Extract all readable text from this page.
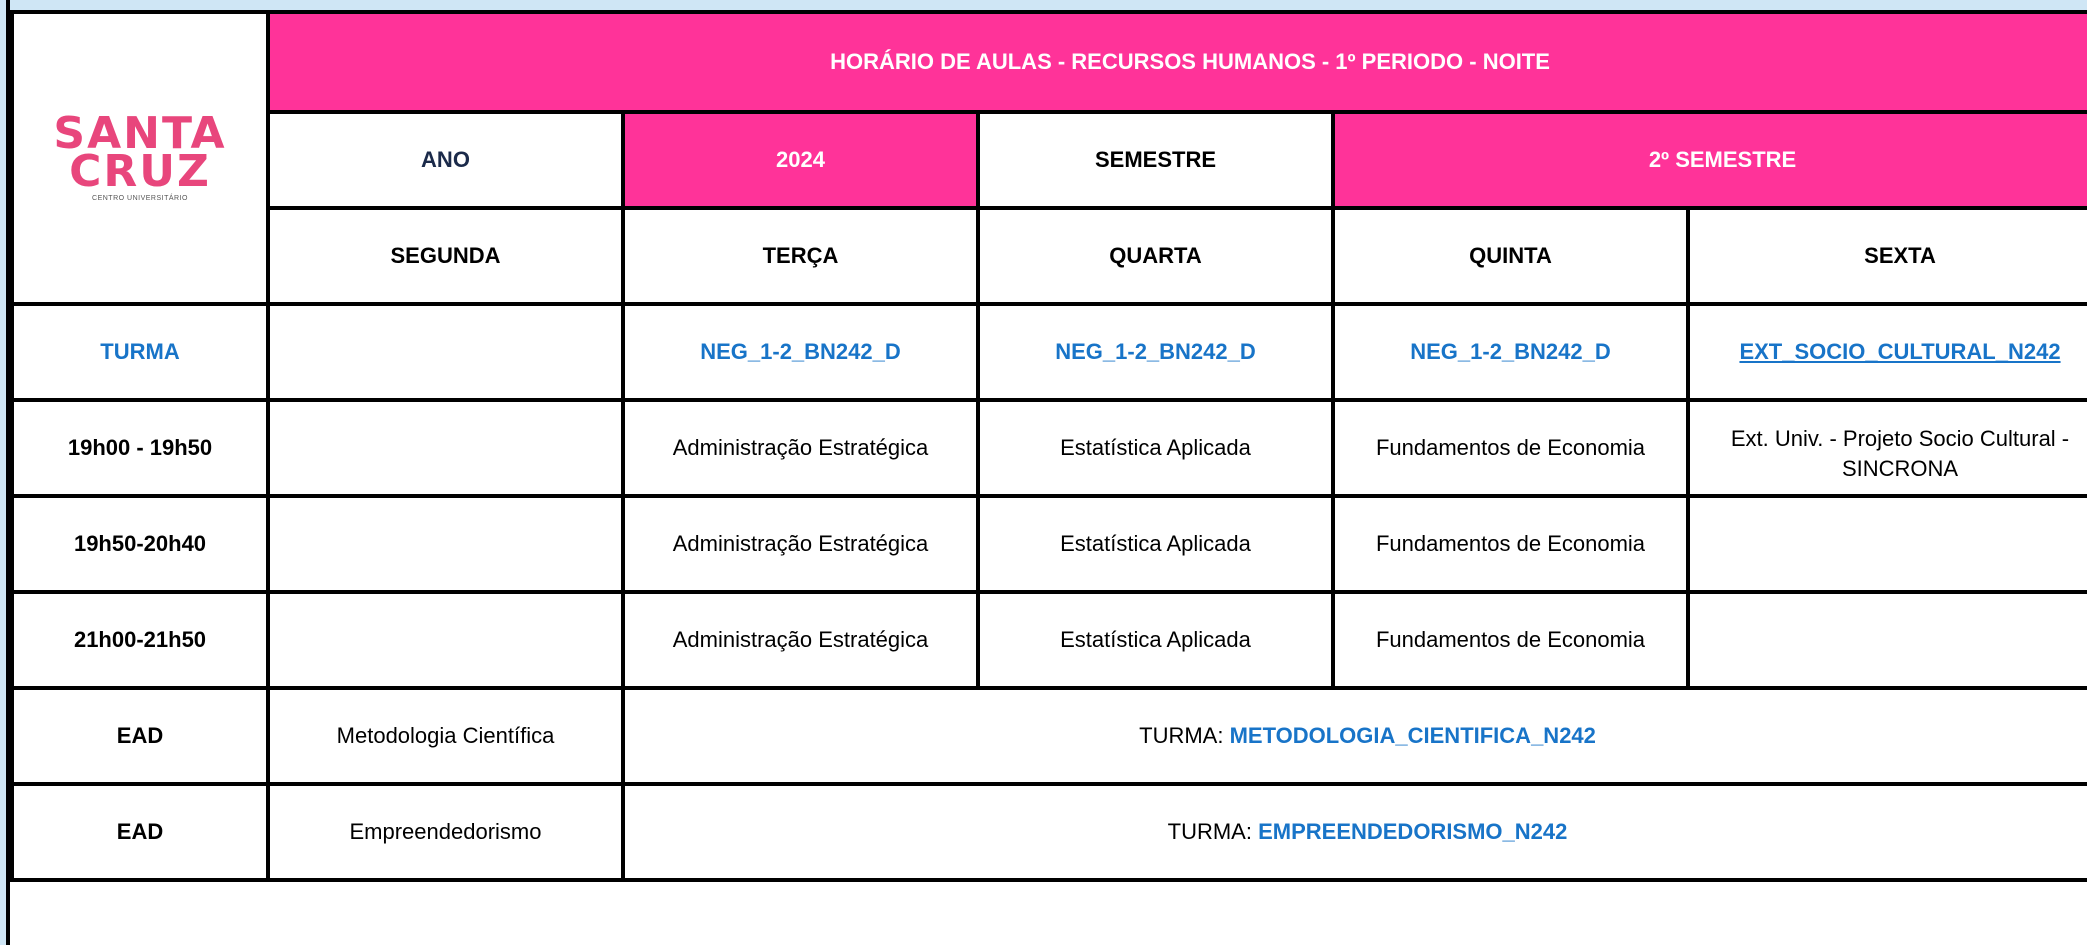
SANTA
CRUZ
CENTRO UNIVERSITÁRIO	HORÁRIO DE AULAS - RECURSOS HUMANOS - 1º PERIODO - NOITE				
	ANO	2024	SEMESTRE	2º SEMESTRE	
	SEGUNDA	TERÇA	QUARTA	QUINTA	SEXTA
TURMA		NEG_1-2_BN242_D	NEG_1-2_BN242_D	NEG_1-2_BN242_D	EXT_SOCIO_CULTURAL_N242
19h00 - 19h50		Administração Estratégica	Estatística Aplicada	Fundamentos de Economia	Ext. Univ. - Projeto Socio Cultural - SINCRONA
19h50-20h40		Administração Estratégica	Estatística Aplicada	Fundamentos de Economia	
21h00-21h50		Administração Estratégica	Estatística Aplicada	Fundamentos de Economia	
EAD	Metodologia Científica	TURMA: METODOLOGIA_CIENTIFICA_N242			
EAD	Empreendedorismo	TURMA: EMPREENDEDORISMO_N242			
